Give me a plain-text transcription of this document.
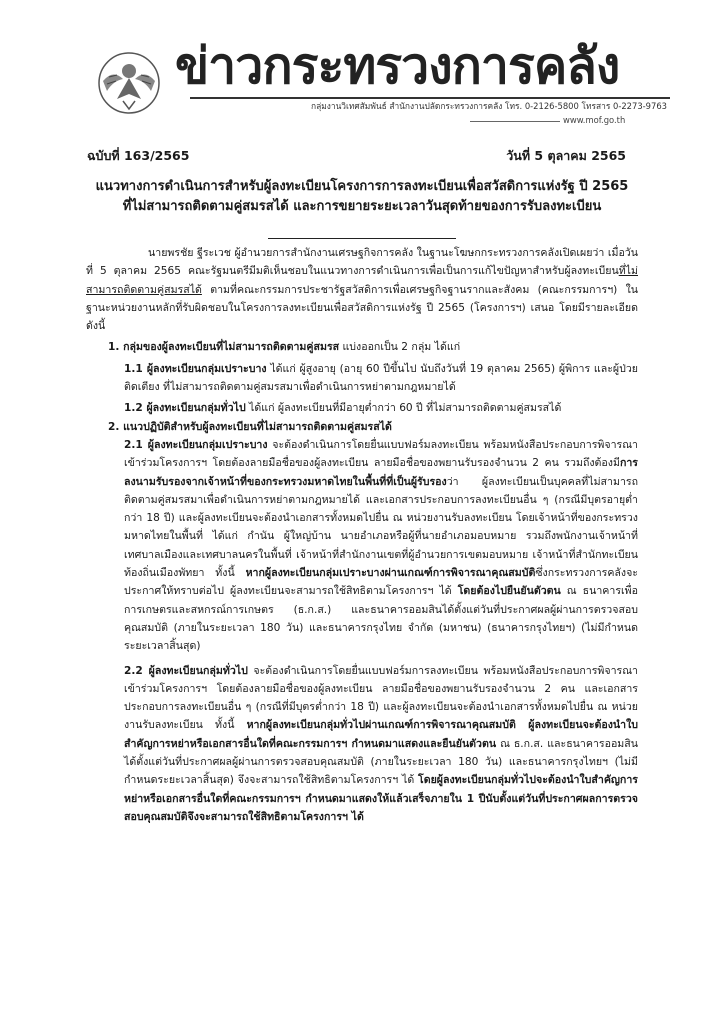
ข่าวกระทรวงการคลัง
กลุ่มงานวิเทศสัมพันธ์ สำนักงานปลัดกระทรวงการคลัง โทร. 0-2126-5800 โทรสาร 0-2273-9763
www.mof.go.th
ฉบับที่ 163/2565	วันที่ 5 ตุลาคม 2565
แนวทางการดำเนินการสำหรับผู้ลงทะเบียนโครงการการลงทะเบียนเพื่อสวัสดิการแห่งรัฐ ปี 2565
ที่ไม่สามารถติดตามคู่สมรสได้ และการขยายระยะเวลาวันสุดท้ายของการรับลงทะเบียน

นายพรชัย ฐีระเวช ผู้อำนวยการสำนักงานเศรษฐกิจการคลัง ในฐานะโฆษกกระทรวงการคลังเปิดเผยว่า เมื่อวันที่ 5 ตุลาคม 2565 คณะรัฐมนตรีมีมติเห็นชอบในแนวทางการดำเนินการเพื่อเป็นการแก้ไขปัญหาสำหรับผู้ลงทะเบียนที่ไม่สามารถติดตามคู่สมรสได้ ตามที่คณะกรรมการประชารัฐสวัสดิการเพื่อเศรษฐกิจฐานรากและสังคม (คณะกรรมการฯ) ในฐานะหน่วยงานหลักที่รับผิดชอบในโครงการลงทะเบียนเพื่อสวัสดิการแห่งรัฐ ปี 2565 (โครงการฯ) เสนอ โดยมีรายละเอียดดังนี้

1. กลุ่มของผู้ลงทะเบียนที่ไม่สามารถติดตามคู่สมรส แบ่งออกเป็น 2 กลุ่ม ได้แก่

1.1 ผู้ลงทะเบียนกลุ่มเปราะบาง ได้แก่ ผู้สูงอายุ (อายุ 60 ปีขึ้นไป นับถึงวันที่ 19 ตุลาคม 2565) ผู้พิการ และผู้ป่วยติดเตียง ที่ไม่สามารถติดตามคู่สมรสมาเพื่อดำเนินการหย่าตามกฎหมายได้

1.2 ผู้ลงทะเบียนกลุ่มทั่วไป ได้แก่ ผู้ลงทะเบียนที่มีอายุต่ำกว่า 60 ปี ที่ไม่สามารถติดตามคู่สมรสได้

2. แนวปฏิบัติสำหรับผู้ลงทะเบียนที่ไม่สามารถติดตามคู่สมรสได้

2.1 ผู้ลงทะเบียนกลุ่มเปราะบาง จะต้องดำเนินการโดยยื่นแบบฟอร์มลงทะเบียน พร้อมหนังสือประกอบการพิจารณาเข้าร่วมโครงการฯ โดยต้องลายมือชื่อของผู้ลงทะเบียน ลายมือชื่อของพยานรับรองจำนวน 2 คน รวมถึงต้องมีการลงนามรับรองจากเจ้าหน้าที่ของกระทรวงมหาดไทยในพื้นที่ที่เป็นผู้รับรองว่า ผู้ลงทะเบียนเป็นบุคคลที่ไม่สามารถติดตามคู่สมรสมาเพื่อดำเนินการหย่าตามกฎหมายได้ และเอกสารประกอบการลงทะเบียนอื่น ๆ (กรณีมีบุตรอายุต่ำกว่า 18 ปี) และผู้ลงทะเบียนจะต้องนำเอกสารทั้งหมดไปยื่น ณ หน่วยงานรับลงทะเบียน โดยเจ้าหน้าที่ของกระทรวงมหาดไทยในพื้นที่ ได้แก่ กำนัน ผู้ใหญ่บ้าน นายอำเภอหรือผู้ที่นายอำเภอมอบหมาย รวมถึงพนักงานเจ้าหน้าที่เทศบาลเมืองและเทศบาลนครในพื้นที่ เจ้าหน้าที่สำนักงานเขตที่ผู้อำนวยการเขตมอบหมาย เจ้าหน้าที่สำนักทะเบียนท้องถิ่นเมืองพัทยา ทั้งนี้ หากผู้ลงทะเบียนกลุ่มเปราะบางผ่านเกณฑ์การพิจารณาคุณสมบัติซึ่งกระทรวงการคลังจะประกาศให้ทราบต่อไป ผู้ลงทะเบียนจะสามารถใช้สิทธิตามโครงการฯ ได้ โดยต้องไปยืนยันตัวตน ณ ธนาคารเพื่อการเกษตรและสหกรณ์การเกษตร (ธ.ก.ส.) และธนาคารออมสินได้ตั้งแต่วันที่ประกาศผลผู้ผ่านการตรวจสอบคุณสมบัติ (ภายในระยะเวลา 180 วัน) และธนาคารกรุงไทย จำกัด (มหาชน) (ธนาคารกรุงไทยฯ) (ไม่มีกำหนดระยะเวลาสิ้นสุด)

2.2 ผู้ลงทะเบียนกลุ่มทั่วไป จะต้องดำเนินการโดยยื่นแบบฟอร์มการลงทะเบียน พร้อมหนังสือประกอบการพิจารณาเข้าร่วมโครงการฯ โดยต้องลายมือชื่อของผู้ลงทะเบียน ลายมือชื่อของพยานรับรองจำนวน 2 คน และเอกสารประกอบการลงทะเบียนอื่น ๆ (กรณีที่มีบุตรต่ำกว่า 18 ปี) และผู้ลงทะเบียนจะต้องนำเอกสารทั้งหมดไปยื่น ณ หน่วยงานรับลงทะเบียน ทั้งนี้ หากผู้ลงทะเบียนกลุ่มทั่วไปผ่านเกณฑ์การพิจารณาคุณสมบัติ ผู้ลงทะเบียนจะต้องนำใบสำคัญการหย่าหรือเอกสารอื่นใดที่คณะกรรมการฯ กำหนดมาแสดงและยืนยันตัวตน ณ ธ.ก.ส. และธนาคารออมสินได้ตั้งแต่วันที่ประกาศผลผู้ผ่านการตรวจสอบคุณสมบัติ (ภายในระยะเวลา 180 วัน) และธนาคารกรุงไทยฯ (ไม่มีกำหนดระยะเวลาสิ้นสุด) จึงจะสามารถใช้สิทธิตามโครงการฯ ได้ โดยผู้ลงทะเบียนกลุ่มทั่วไปจะต้องนำใบสำคัญการหย่าหรือเอกสารอื่นใดที่คณะกรรมการฯ กำหนดมาแสดงให้แล้วเสร็จภายใน 1 ปีนับตั้งแต่วันที่ประกาศผลการตรวจสอบคุณสมบัติจึงจะสามารถใช้สิทธิตามโครงการฯ ได้
